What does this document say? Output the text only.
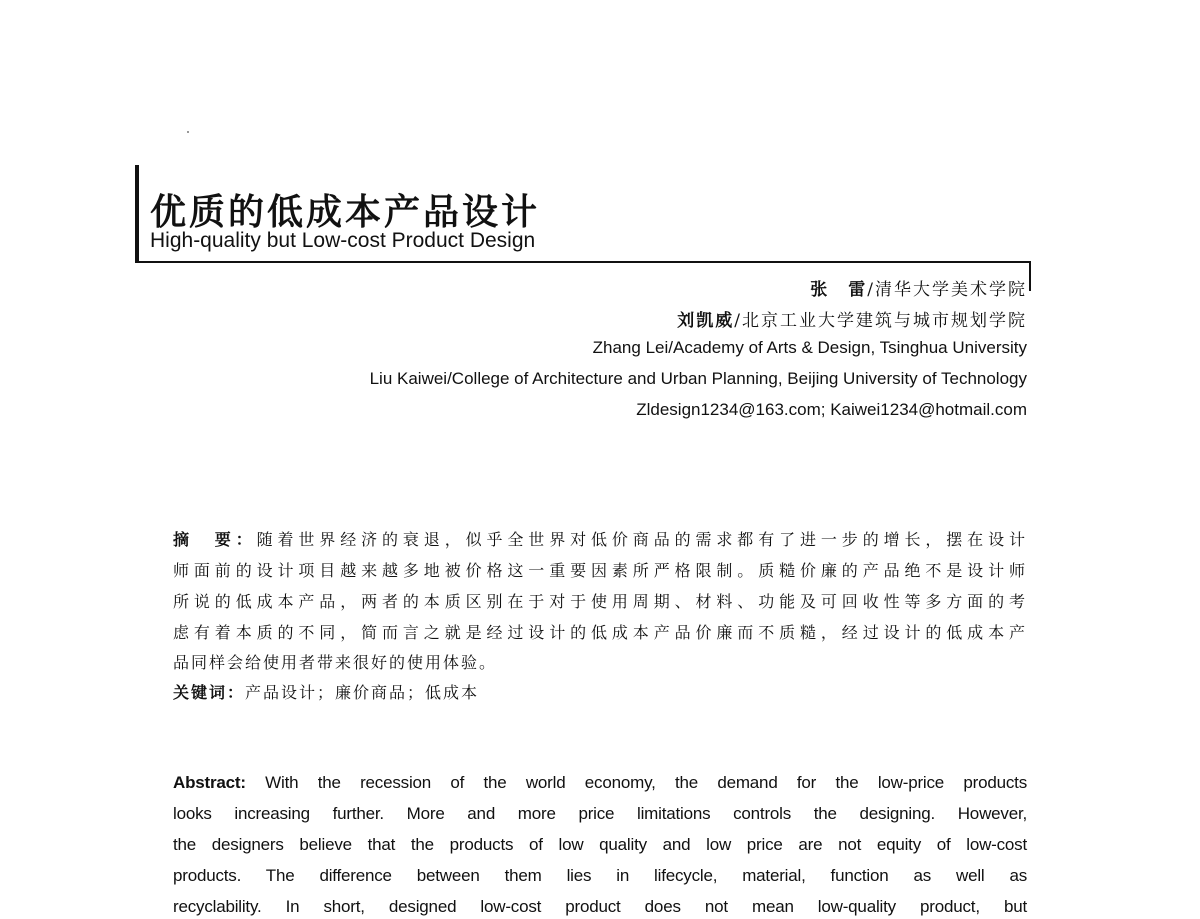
优质的低成本产品设计
High-quality but Low-cost Product Design
张　雷/清华大学美术学院
刘凯威/北京工业大学建筑与城市规划学院
Zhang Lei/Academy of Arts & Design, Tsinghua University
Liu Kaiwei/College of Architecture and Urban Planning, Beijing University of Technology
Zldesign1234@163.com; Kaiwei1234@hotmail.com
摘　要：随着世界经济的衰退，似乎全世界对低价商品的需求都有了进一步的增长，摆在设计
师面前的设计项目越来越多地被价格这一重要因素所严格限制。质糙价廉的产品绝不是设计师
所说的低成本产品，两者的本质区别在于对于使用周期、材料、功能及可回收性等多方面的考
虑有着本质的不同，简而言之就是经过设计的低成本产品价廉而不质糙，经过设计的低成本产
品同样会给使用者带来很好的使用体验。
关键词：产品设计；廉价商品；低成本
Abstract: With the recession of the world economy, the demand for the low-price products
looks increasing further. More and more price limitations controls the designing. However,
the designers believe that the products of low quality and low price are not equity of low-cost
products. The difference between them lies in lifecycle, material, function as well as
recyclability. In short, designed low-cost product does not mean low-quality product, but
